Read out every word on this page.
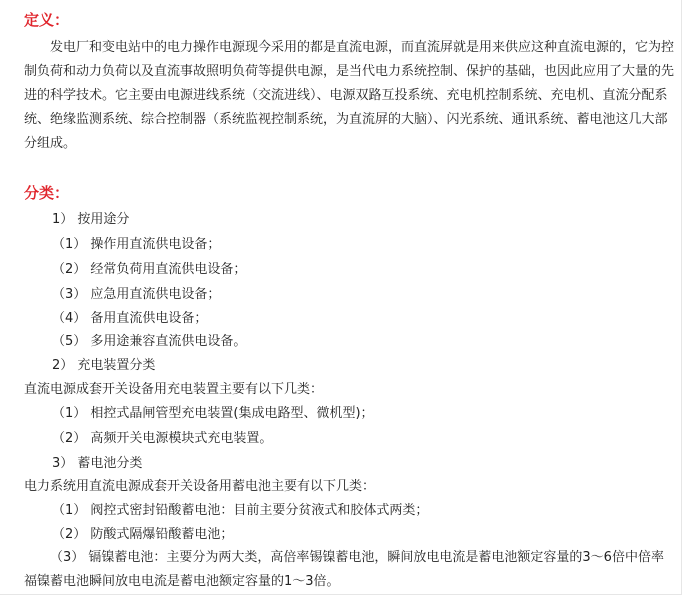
定义：

发电厂和变电站中的电力操作电源现今采用的都是直流电源，而直流屏就是用来供应这种直流电源的，它为控制负荷和动力负荷以及直流事故照明负荷等提供电源，是当代电力系统控制、保护的基础，也因此应用了大量的先进的科学技术。它主要由电源进线系统（交流进线）、电源双路互投系统、充电机控制系统、充电机、直流分配系统、绝缘监测系统、综合控制器（系统监视控制系统，为直流屏的大脑）、闪光系统、通讯系统、蓄电池这几大部分组成。

分类：

1） 按用途分

（1） 操作用直流供电设备；

（2） 经常负荷用直流供电设备；

（3） 应急用直流供电设备；

（4） 备用直流供电设备；

（5） 多用途兼容直流供电设备。

2） 充电装置分类

直流电源成套开关设备用充电装置主要有以下几类：

（1） 相控式晶闸管型充电装置(集成电路型、微机型)；

（2） 高频开关电源模块式充电装置。

3） 蓄电池分类

电力系统用直流电源成套开关设备用蓄电池主要有以下几类：

（1） 阀控式密封铅酸蓄电池：目前主要分贫液式和胶体式两类；

（2） 防酸式隔爆铅酸蓄电池；

（3） 镉镍蓄电池：主要分为两大类，高倍率锡镍蓄电池，瞬间放电电流是蓄电池额定容量的3～6倍中倍率福镍蓄电池瞬间放电电流是蓄电池额定容量的1～3倍。
